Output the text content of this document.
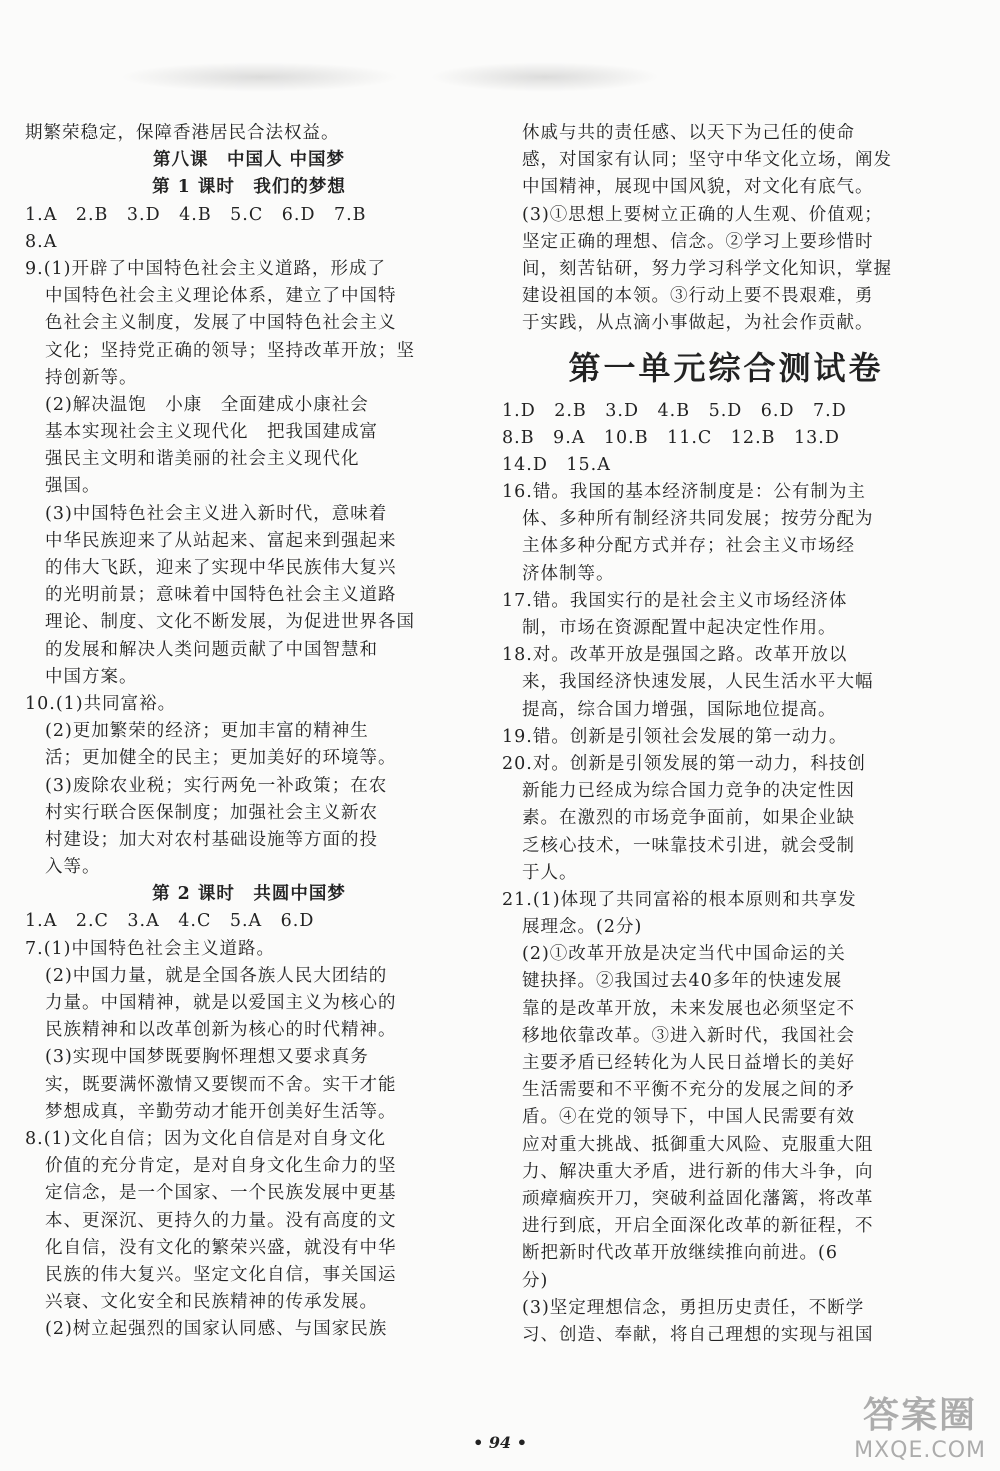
期繁荣稳定，保障香港居民合法权益。
第八课　中国人 中国梦
第 1 课时　我们的梦想
1.A　2.B　3.D　4.B　5.C　6.D　7.B
8.A
9.(1)开辟了中国特色社会主义道路，形成了
中国特色社会主义理论体系，建立了中国特
色社会主义制度，发展了中国特色社会主义
文化；坚持党正确的领导；坚持改革开放；坚
持创新等。
(2)解决温饱　小康　全面建成小康社会
基本实现社会主义现代化　把我国建成富
强民主文明和谐美丽的社会主义现代化
强国。
(3)中国特色社会主义进入新时代，意味着
中华民族迎来了从站起来、富起来到强起来
的伟大飞跃，迎来了实现中华民族伟大复兴
的光明前景；意味着中国特色社会主义道路
理论、制度、文化不断发展，为促进世界各国
的发展和解决人类问题贡献了中国智慧和
中国方案。
10.(1)共同富裕。
(2)更加繁荣的经济；更加丰富的精神生
活；更加健全的民主；更加美好的环境等。
(3)废除农业税；实行两免一补政策；在农
村实行联合医保制度；加强社会主义新农
村建设；加大对农村基础设施等方面的投
入等。
第 2 课时　共圆中国梦
1.A　2.C　3.A　4.C　5.A　6.D
7.(1)中国特色社会主义道路。
(2)中国力量，就是全国各族人民大团结的
力量。中国精神，就是以爱国主义为核心的
民族精神和以改革创新为核心的时代精神。
(3)实现中国梦既要胸怀理想又要求真务
实，既要满怀激情又要锲而不舍。实干才能
梦想成真，辛勤劳动才能开创美好生活等。
8.(1)文化自信；因为文化自信是对自身文化
价值的充分肯定，是对自身文化生命力的坚
定信念，是一个国家、一个民族发展中更基
本、更深沉、更持久的力量。没有高度的文
化自信，没有文化的繁荣兴盛，就没有中华
民族的伟大复兴。坚定文化自信，事关国运
兴衰、文化安全和民族精神的传承发展。
(2)树立起强烈的国家认同感、与国家民族
休戚与共的责任感、以天下为己任的使命
感，对国家有认同；坚守中华文化立场，阐发
中国精神，展现中国风貌，对文化有底气。
(3)①思想上要树立正确的人生观、价值观；
坚定正确的理想、信念。②学习上要珍惜时
间，刻苦钻研，努力学习科学文化知识，掌握
建设祖国的本领。③行动上要不畏艰难，勇
于实践，从点滴小事做起，为社会作贡献。
第一单元综合测试卷
1.D　2.B　3.D　4.B　5.D　6.D　7.D
8.B　9.A　10.B　11.C　12.B　13.D
14.D　15.A
16.错。我国的基本经济制度是：公有制为主
体、多种所有制经济共同发展；按劳分配为
主体多种分配方式并存；社会主义市场经
济体制等。
17.错。我国实行的是社会主义市场经济体
制，市场在资源配置中起决定性作用。
18.对。改革开放是强国之路。改革开放以
来，我国经济快速发展，人民生活水平大幅
提高，综合国力增强，国际地位提高。
19.错。创新是引领社会发展的第一动力。
20.对。创新是引领发展的第一动力，科技创
新能力已经成为综合国力竞争的决定性因
素。在激烈的市场竞争面前，如果企业缺
乏核心技术，一味靠技术引进，就会受制
于人。
21.(1)体现了共同富裕的根本原则和共享发
展理念。(2分)
(2)①改革开放是决定当代中国命运的关
键抉择。②我国过去40多年的快速发展
靠的是改革开放，未来发展也必须坚定不
移地依靠改革。③进入新时代，我国社会
主要矛盾已经转化为人民日益增长的美好
生活需要和不平衡不充分的发展之间的矛
盾。④在党的领导下，中国人民需要有效
应对重大挑战、抵御重大风险、克服重大阻
力、解决重大矛盾，进行新的伟大斗争，向
顽瘴痼疾开刀，突破利益固化藩篱，将改革
进行到底，开启全面深化改革的新征程，不
断把新时代改革开放继续推向前进。(6
分)
(3)坚定理想信念，勇担历史责任，不断学
习、创造、奉献，将自己理想的实现与祖国
• 94 •
答案圈
MXQE.COM
